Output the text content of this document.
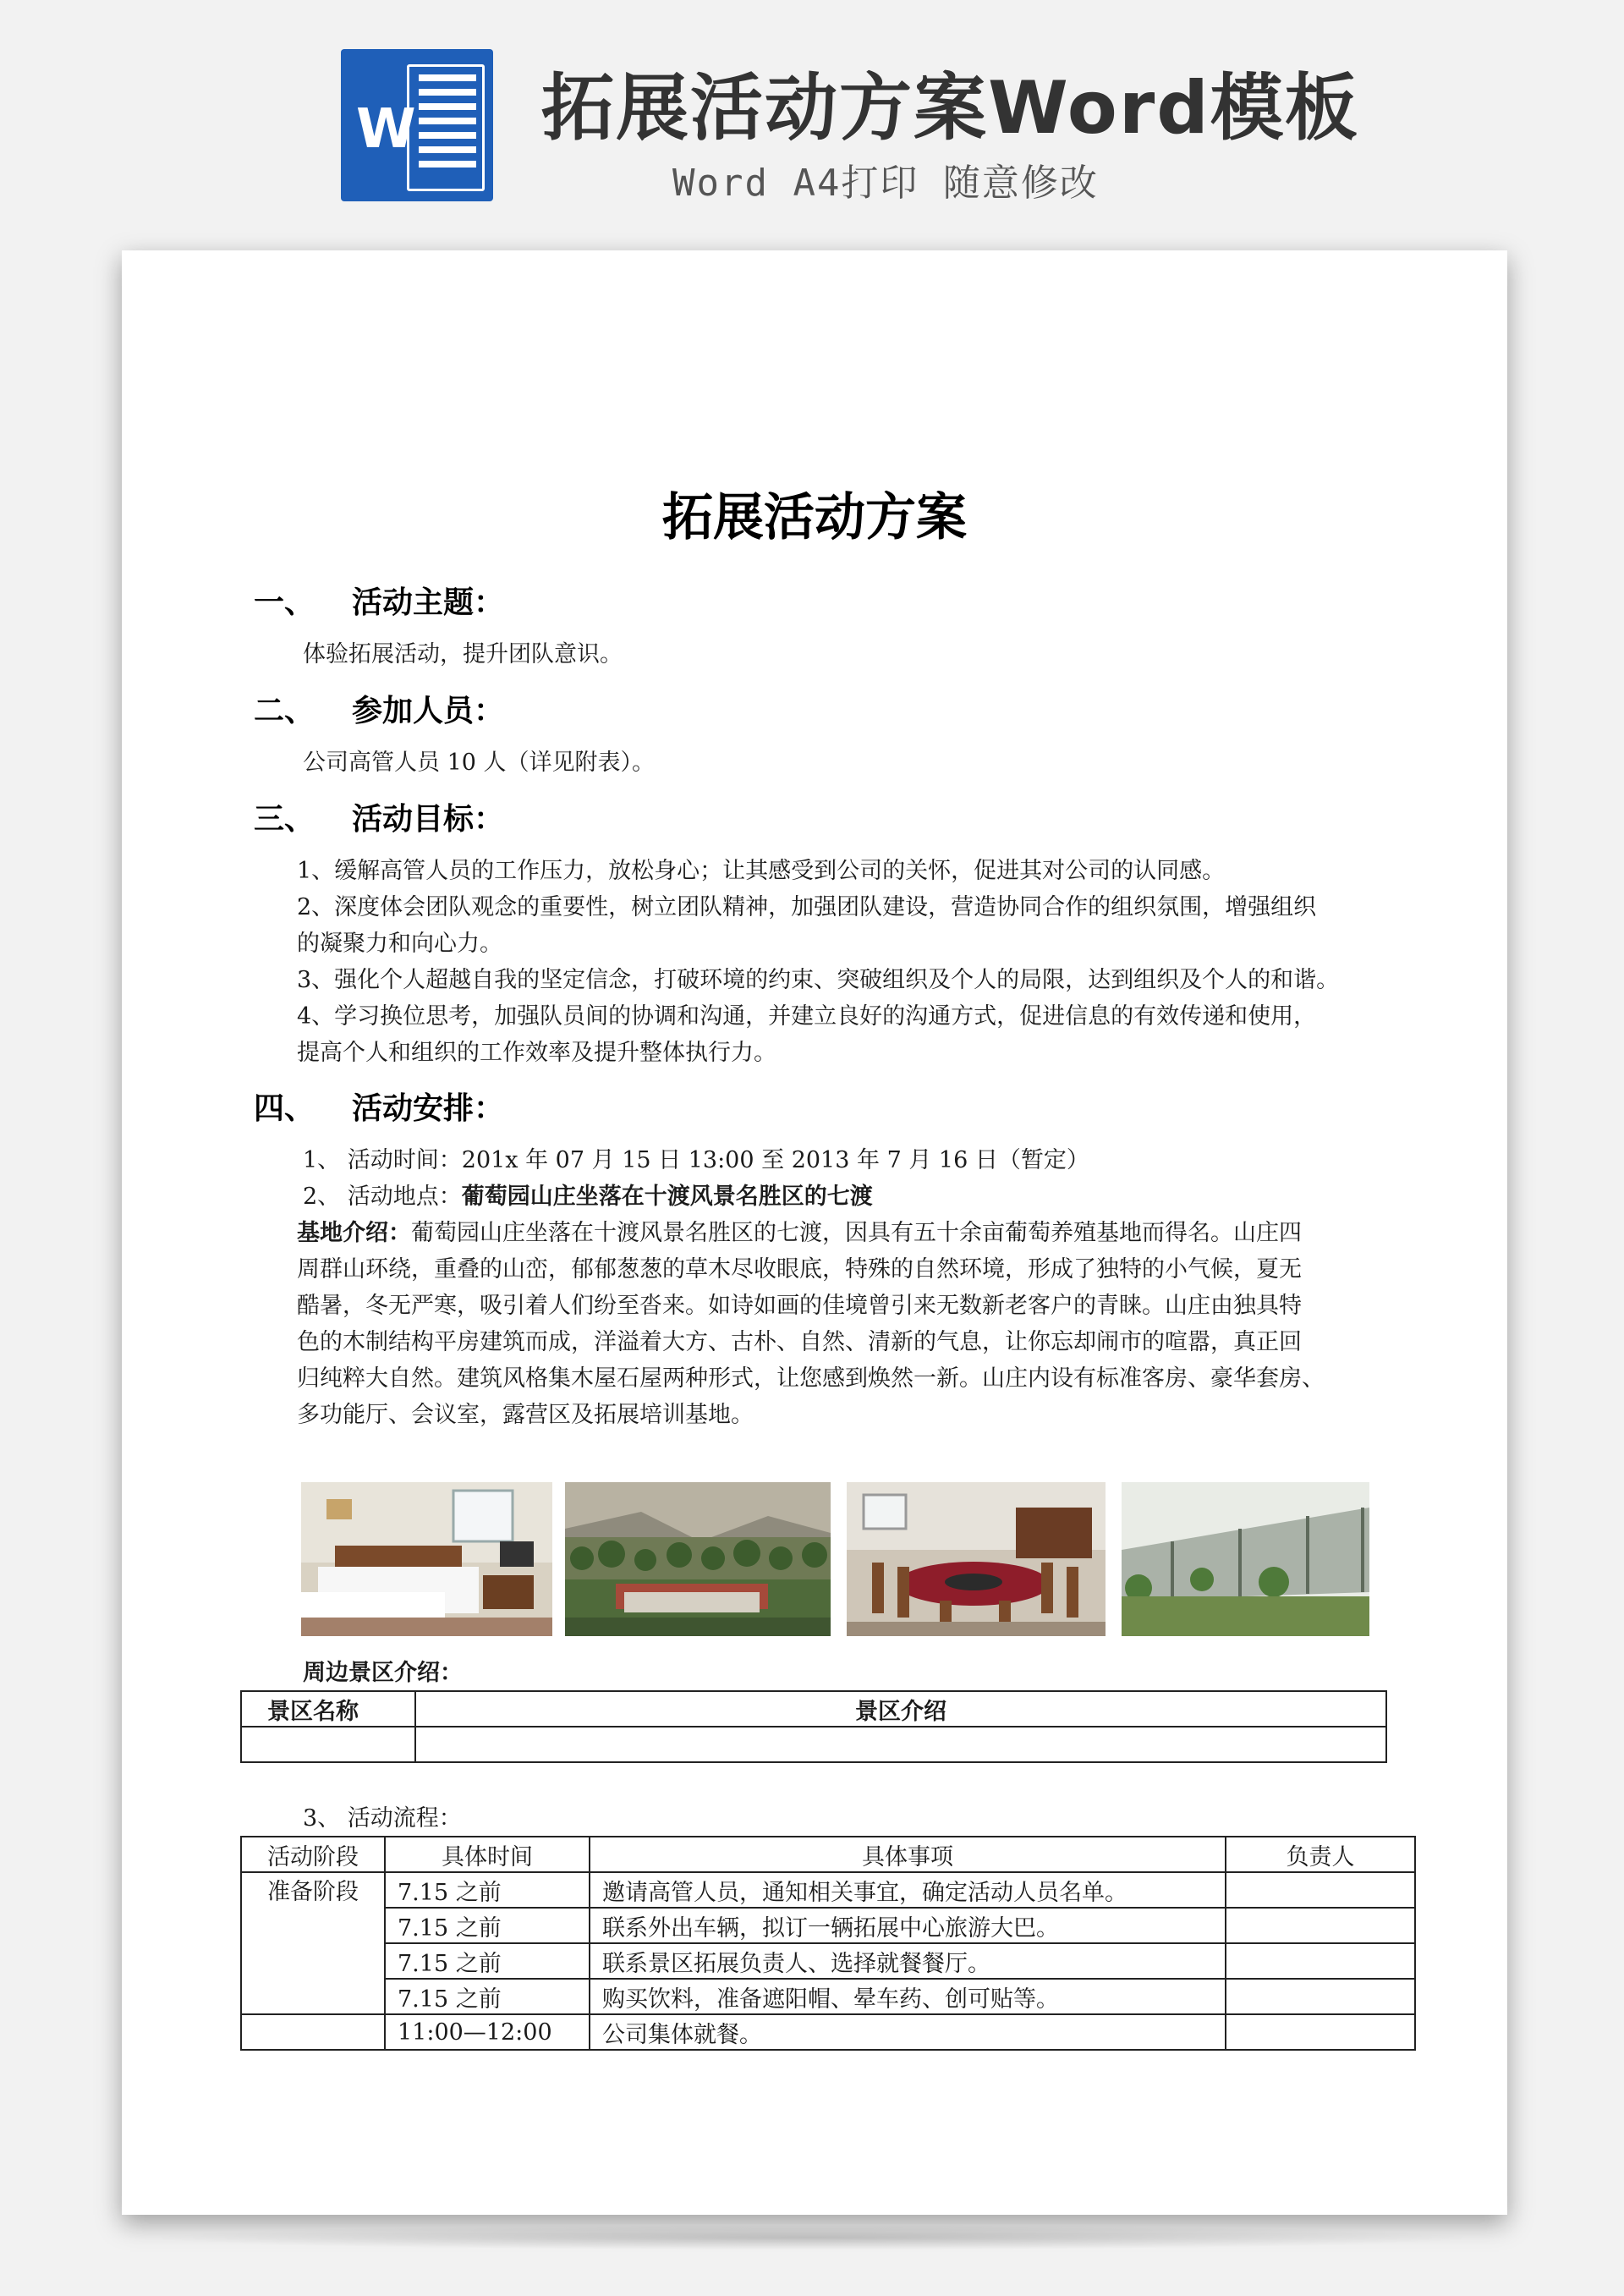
W 拓展活动方案Word模板
Word A4打印 随意修改
拓展活动方案
一、 活动主题：
体验拓展活动，提升团队意识。
二、 参加人员：
公司高管人员 10 人（详见附表）。
三、 活动目标：
1、缓解高管人员的工作压力，放松身心；让其感受到公司的关怀，促进其对公司的认同感。
2、深度体会团队观念的重要性，树立团队精神，加强团队建设，营造协同合作的组织氛围，增强组织
的凝聚力和向心力。
3、强化个人超越自我的坚定信念，打破环境的约束、突破组织及个人的局限，达到组织及个人的和谐。
4、学习换位思考，加强队员间的协调和沟通，并建立良好的沟通方式，促进信息的有效传递和使用，
提高个人和组织的工作效率及提升整体执行力。
四、 活动安排：
1、 活动时间：201x 年 07 月 15 日 13:00 至 2013 年 7 月 16 日（暂定）
2、 活动地点：葡萄园山庄坐落在十渡风景名胜区的七渡
基地介绍：葡萄园山庄坐落在十渡风景名胜区的七渡，因具有五十余亩葡萄养殖基地而得名。山庄四
周群山环绕，重叠的山峦，郁郁葱葱的草木尽收眼底，特殊的自然环境，形成了独特的小气候，夏无
酷暑，冬无严寒，吸引着人们纷至沓来。如诗如画的佳境曾引来无数新老客户的青睐。山庄由独具特
色的木制结构平房建筑而成，洋溢着大方、古朴、自然、清新的气息，让你忘却闹市的喧嚣，真正回
归纯粹大自然。建筑风格集木屋石屋两种形式，让您感到焕然一新。山庄内设有标准客房、豪华套房、
多功能厅、会议室，露营区及拓展培训基地。
周边景区介绍：
景区名称	景区介绍

3、 活动流程：
活动阶段	具体时间	具体事项	负责人
准备阶段	7.15 之前	邀请高管人员，通知相关事宜，确定活动人员名单。	
	7.15 之前	联系外出车辆，拟订一辆拓展中心旅游大巴。	
	7.15 之前	联系景区拓展负责人、选择就餐餐厅。	
	7.15 之前	购买饮料，准备遮阳帽、晕车药、创可贴等。	
	11:00—12:00	公司集体就餐。	
